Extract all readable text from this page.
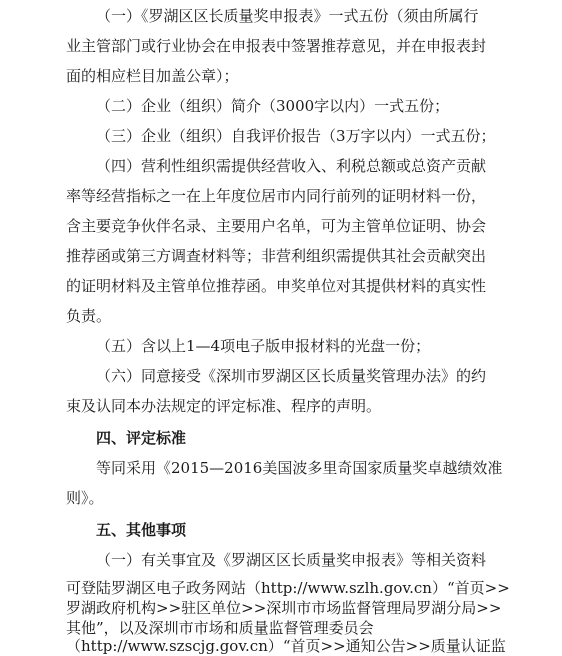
（一）《罗湖区区长质量奖申报表》一式五份（须由所属行
业主管部门或行业协会在申报表中签署推荐意见，并在申报表封
面的相应栏目加盖公章）；
（二）企业（组织）简介（3000字以内）一式五份；
（三）企业（组织）自我评价报告（3万字以内）一式五份；
（四）营利性组织需提供经营收入、利税总额或总资产贡献
率等经营指标之一在上年度位居市内同行前列的证明材料一份，
含主要竞争伙伴名录、主要用户名单，可为主管单位证明、协会
推荐函或第三方调查材料等；非营利组织需提供其社会贡献突出
的证明材料及主管单位推荐函。申奖单位对其提供材料的真实性
负责。
（五）含以上1—4项电子版申报材料的光盘一份；
（六）同意接受《深圳市罗湖区区长质量奖管理办法》的约
束及认同本办法规定的评定标准、程序的声明。
四、评定标准
等同采用《2015—2016美国波多里奇国家质量奖卓越绩效准
则》。
五、其他事项
（一）有关事宜及《罗湖区区长质量奖申报表》等相关资料
可登陆罗湖区电子政务网站（http://www.szlh.gov.cn）“首页>>
罗湖政府机构>>驻区单位>>深圳市市场监督管理局罗湖分局>>
其他”，以及深圳市市场和质量监督管理委员会
（http://www.szscjg.gov.cn）“首页>>通知公告>>质量认证监
